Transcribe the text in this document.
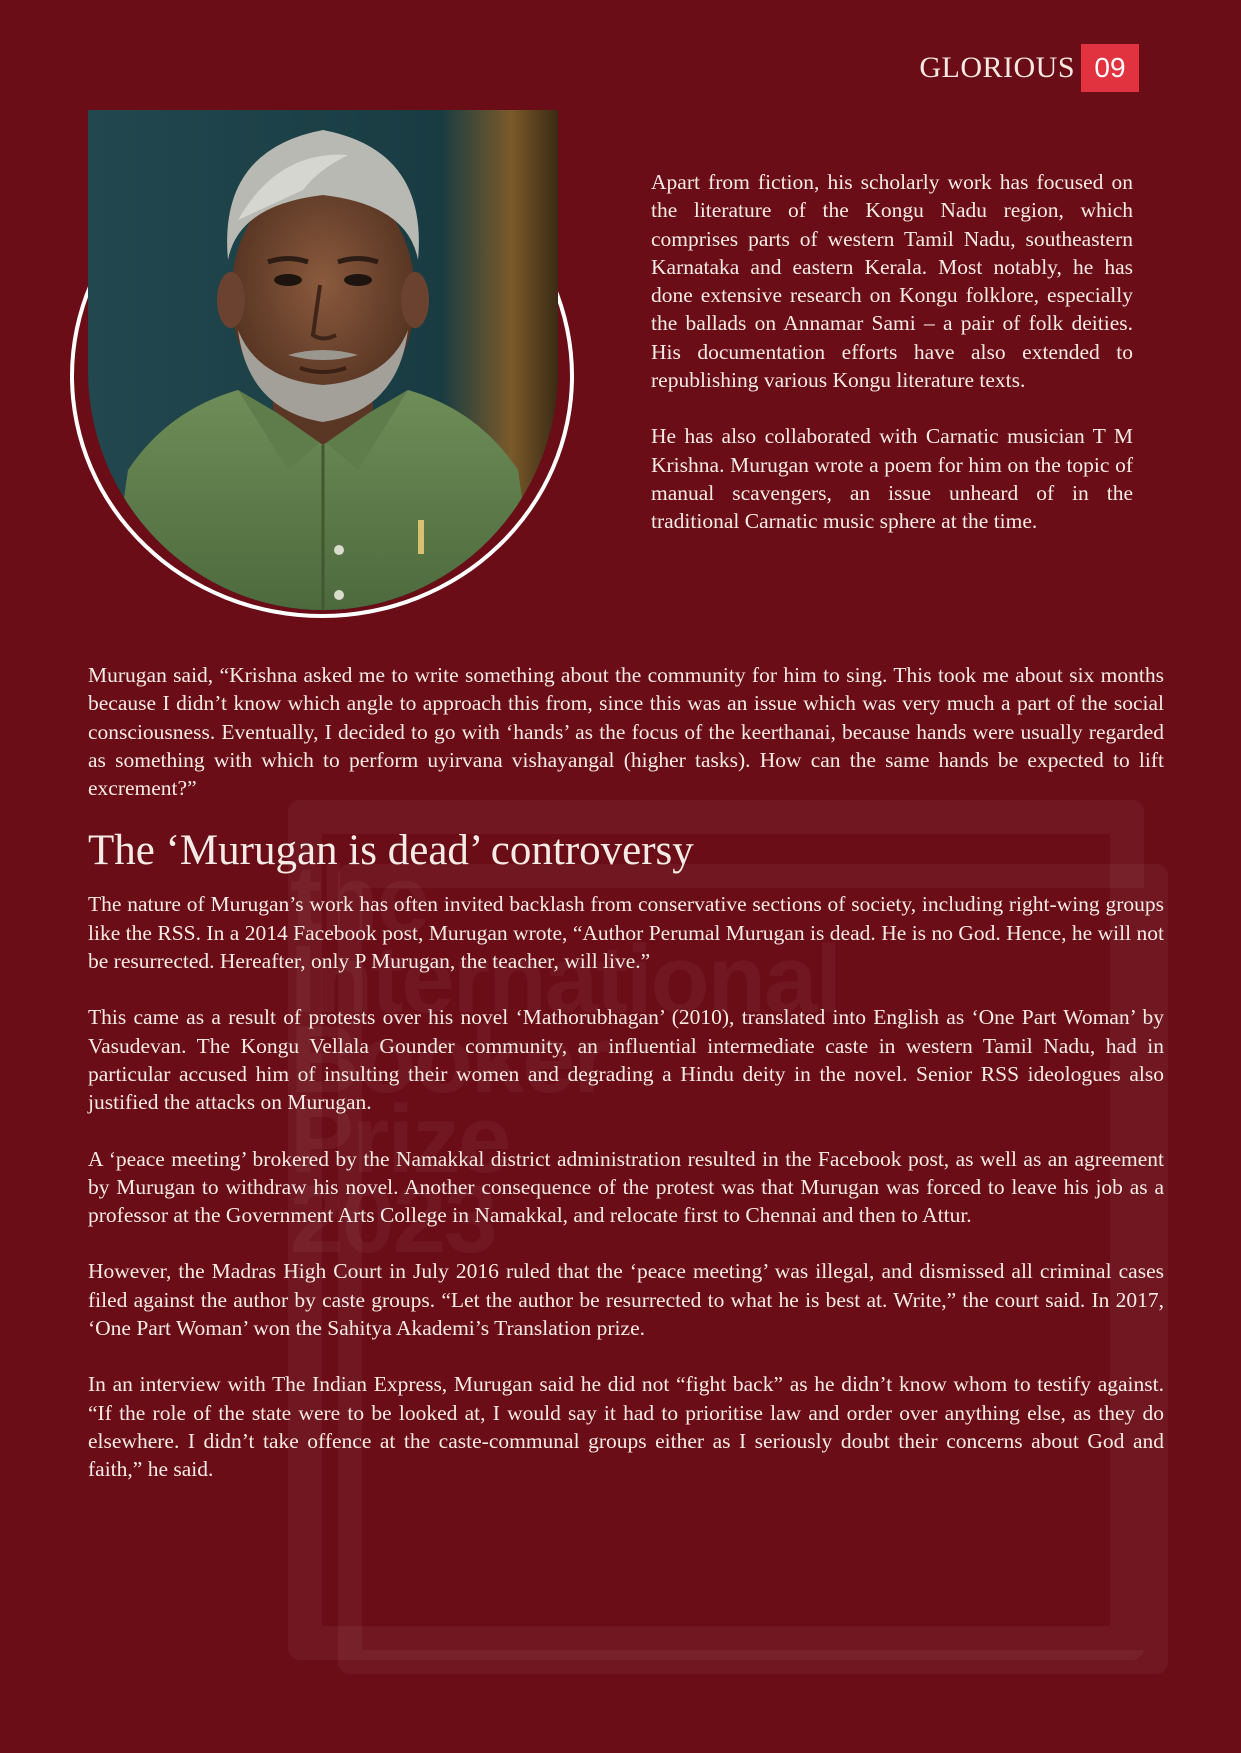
GLORIOUS 09

Apart from fiction, his scholarly work has focused on the literature of the Kongu Nadu region, which comprises parts of western Tamil Nadu, southeastern Karnataka and eastern Kerala. Most notably, he has done extensive research on Kongu folklore, especially the ballads on Annamar Sami – a pair of folk deities. His documentation efforts have also extended to republishing various Kongu literature texts.

He has also collaborated with Carnatic musician T M Krishna. Murugan wrote a poem for him on the topic of manual scavengers, an issue unheard of in the traditional Carnatic music sphere at the time.

Murugan said, “Krishna asked me to write something about the community for him to sing. This took me about six months because I didn’t know which angle to approach this from, since this was an issue which was very much a part of the social consciousness. Eventually, I decided to go with ‘hands’ as the focus of the keerthanai, because hands were usually regarded as something with which to perform uyirvana vishayangal (higher tasks). How can the same hands be expected to lift excrement?”

The ‘Murugan is dead’ controversy

The nature of Murugan’s work has often invited backlash from conservative sections of society, including right-wing groups like the RSS. In a 2014 Facebook post, Murugan wrote, “Author Perumal Murugan is dead. He is no God. Hence, he will not be resurrected. Hereafter, only P Murugan, the teacher, will live.”

This came as a result of protests over his novel ‘Mathorubhagan’ (2010), translated into English as ‘One Part Woman’ by Vasudevan. The Kongu Vellala Gounder community, an influential intermediate caste in western Tamil Nadu, had in particular accused him of insulting their women and degrading a Hindu deity in the novel. Senior RSS ideologues also justified the attacks on Murugan.

A ‘peace meeting’ brokered by the Namakkal district administration resulted in the Facebook post, as well as an agreement by Murugan to withdraw his novel. Another consequence of the protest was that Murugan was forced to leave his job as a professor at the Government Arts College in Namakkal, and relocate first to Chennai and then to Attur.

However, the Madras High Court in July 2016 ruled that the ‘peace meeting’ was illegal, and dismissed all criminal cases filed against the author by caste groups. “Let the author be resurrected to what he is best at. Write,” the court said. In 2017, ‘One Part Woman’ won the Sahitya Akademi’s Translation prize.

In an interview with The Indian Express, Murugan said he did not “fight back” as he didn’t know whom to testify against. “If the role of the state were to be looked at, I would say it had to prioritise law and order over anything else, as they do elsewhere. I didn’t take offence at the caste-communal groups either as I seriously doubt their concerns about God and faith,” he said.
